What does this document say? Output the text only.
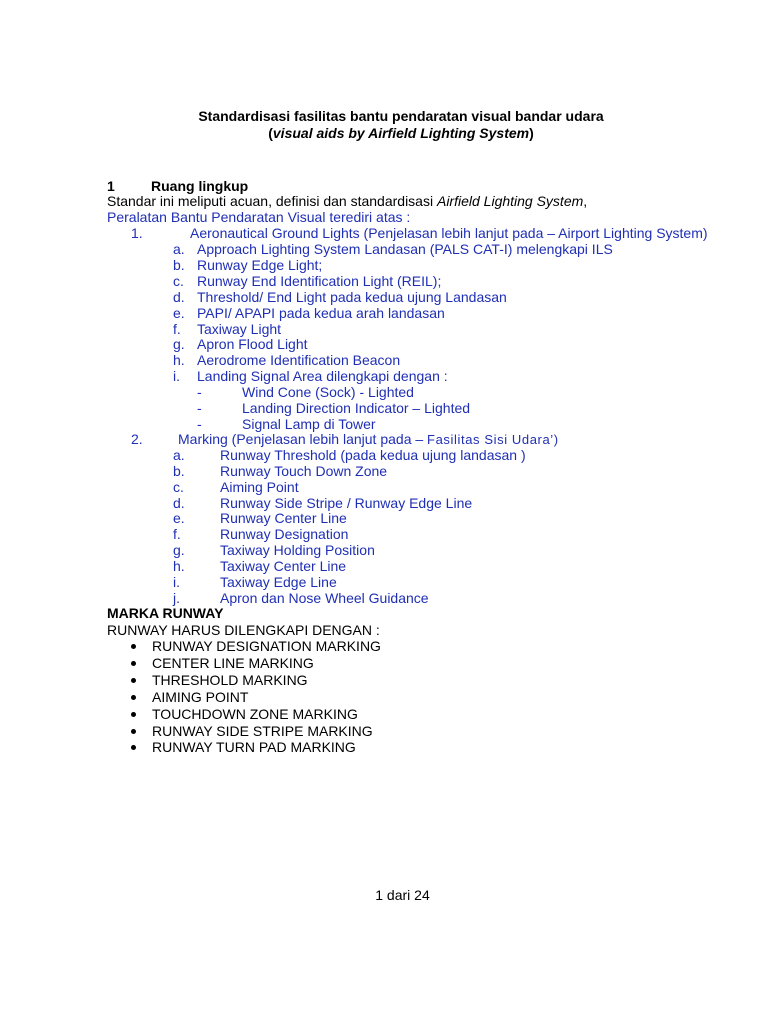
Standardisasi fasilitas bantu pendaratan visual bandar udara
(visual aids by Airfield Lighting System)
1	Ruang lingkup
Standar ini meliputi acuan, definisi dan standardisasi Airfield Lighting System,
Peralatan Bantu Pendaratan Visual terediri atas :
1.	Aeronautical Ground Lights (Penjelasan lebih lanjut pada – Airport Lighting System)
a. Approach Lighting System Landasan (PALS CAT-I) melengkapi ILS
b. Runway Edge Light;
c. Runway End Identification Light (REIL);
d. Threshold/ End Light pada kedua ujung Landasan
e. PAPI/ APAPI pada kedua arah landasan
f. Taxiway Light
g. Apron Flood Light
h. Aerodrome Identification Beacon
i. Landing Signal Area dilengkapi dengan :
-	Wind Cone (Sock) - Lighted
-	Landing Direction Indicator – Lighted
-	Signal Lamp di Tower
2.	Marking (Penjelasan lebih lanjut pada – Fasilitas Sisi Udara’)
a.	Runway Threshold (pada kedua ujung landasan )
b.	Runway Touch Down Zone
c.	Aiming Point
d.	Runway Side Stripe / Runway Edge Line
e.	Runway Center Line
f.	Runway Designation
g.	Taxiway Holding Position
h.	Taxiway Center Line
i.	Taxiway Edge Line
j.	Apron dan Nose Wheel Guidance
MARKA RUNWAY
RUNWAY HARUS DILENGKAPI DENGAN :
RUNWAY DESIGNATION MARKING
CENTER LINE MARKING
THRESHOLD MARKING
AIMING POINT
TOUCHDOWN ZONE MARKING
RUNWAY SIDE STRIPE MARKING
RUNWAY TURN PAD MARKING
1 dari 24
